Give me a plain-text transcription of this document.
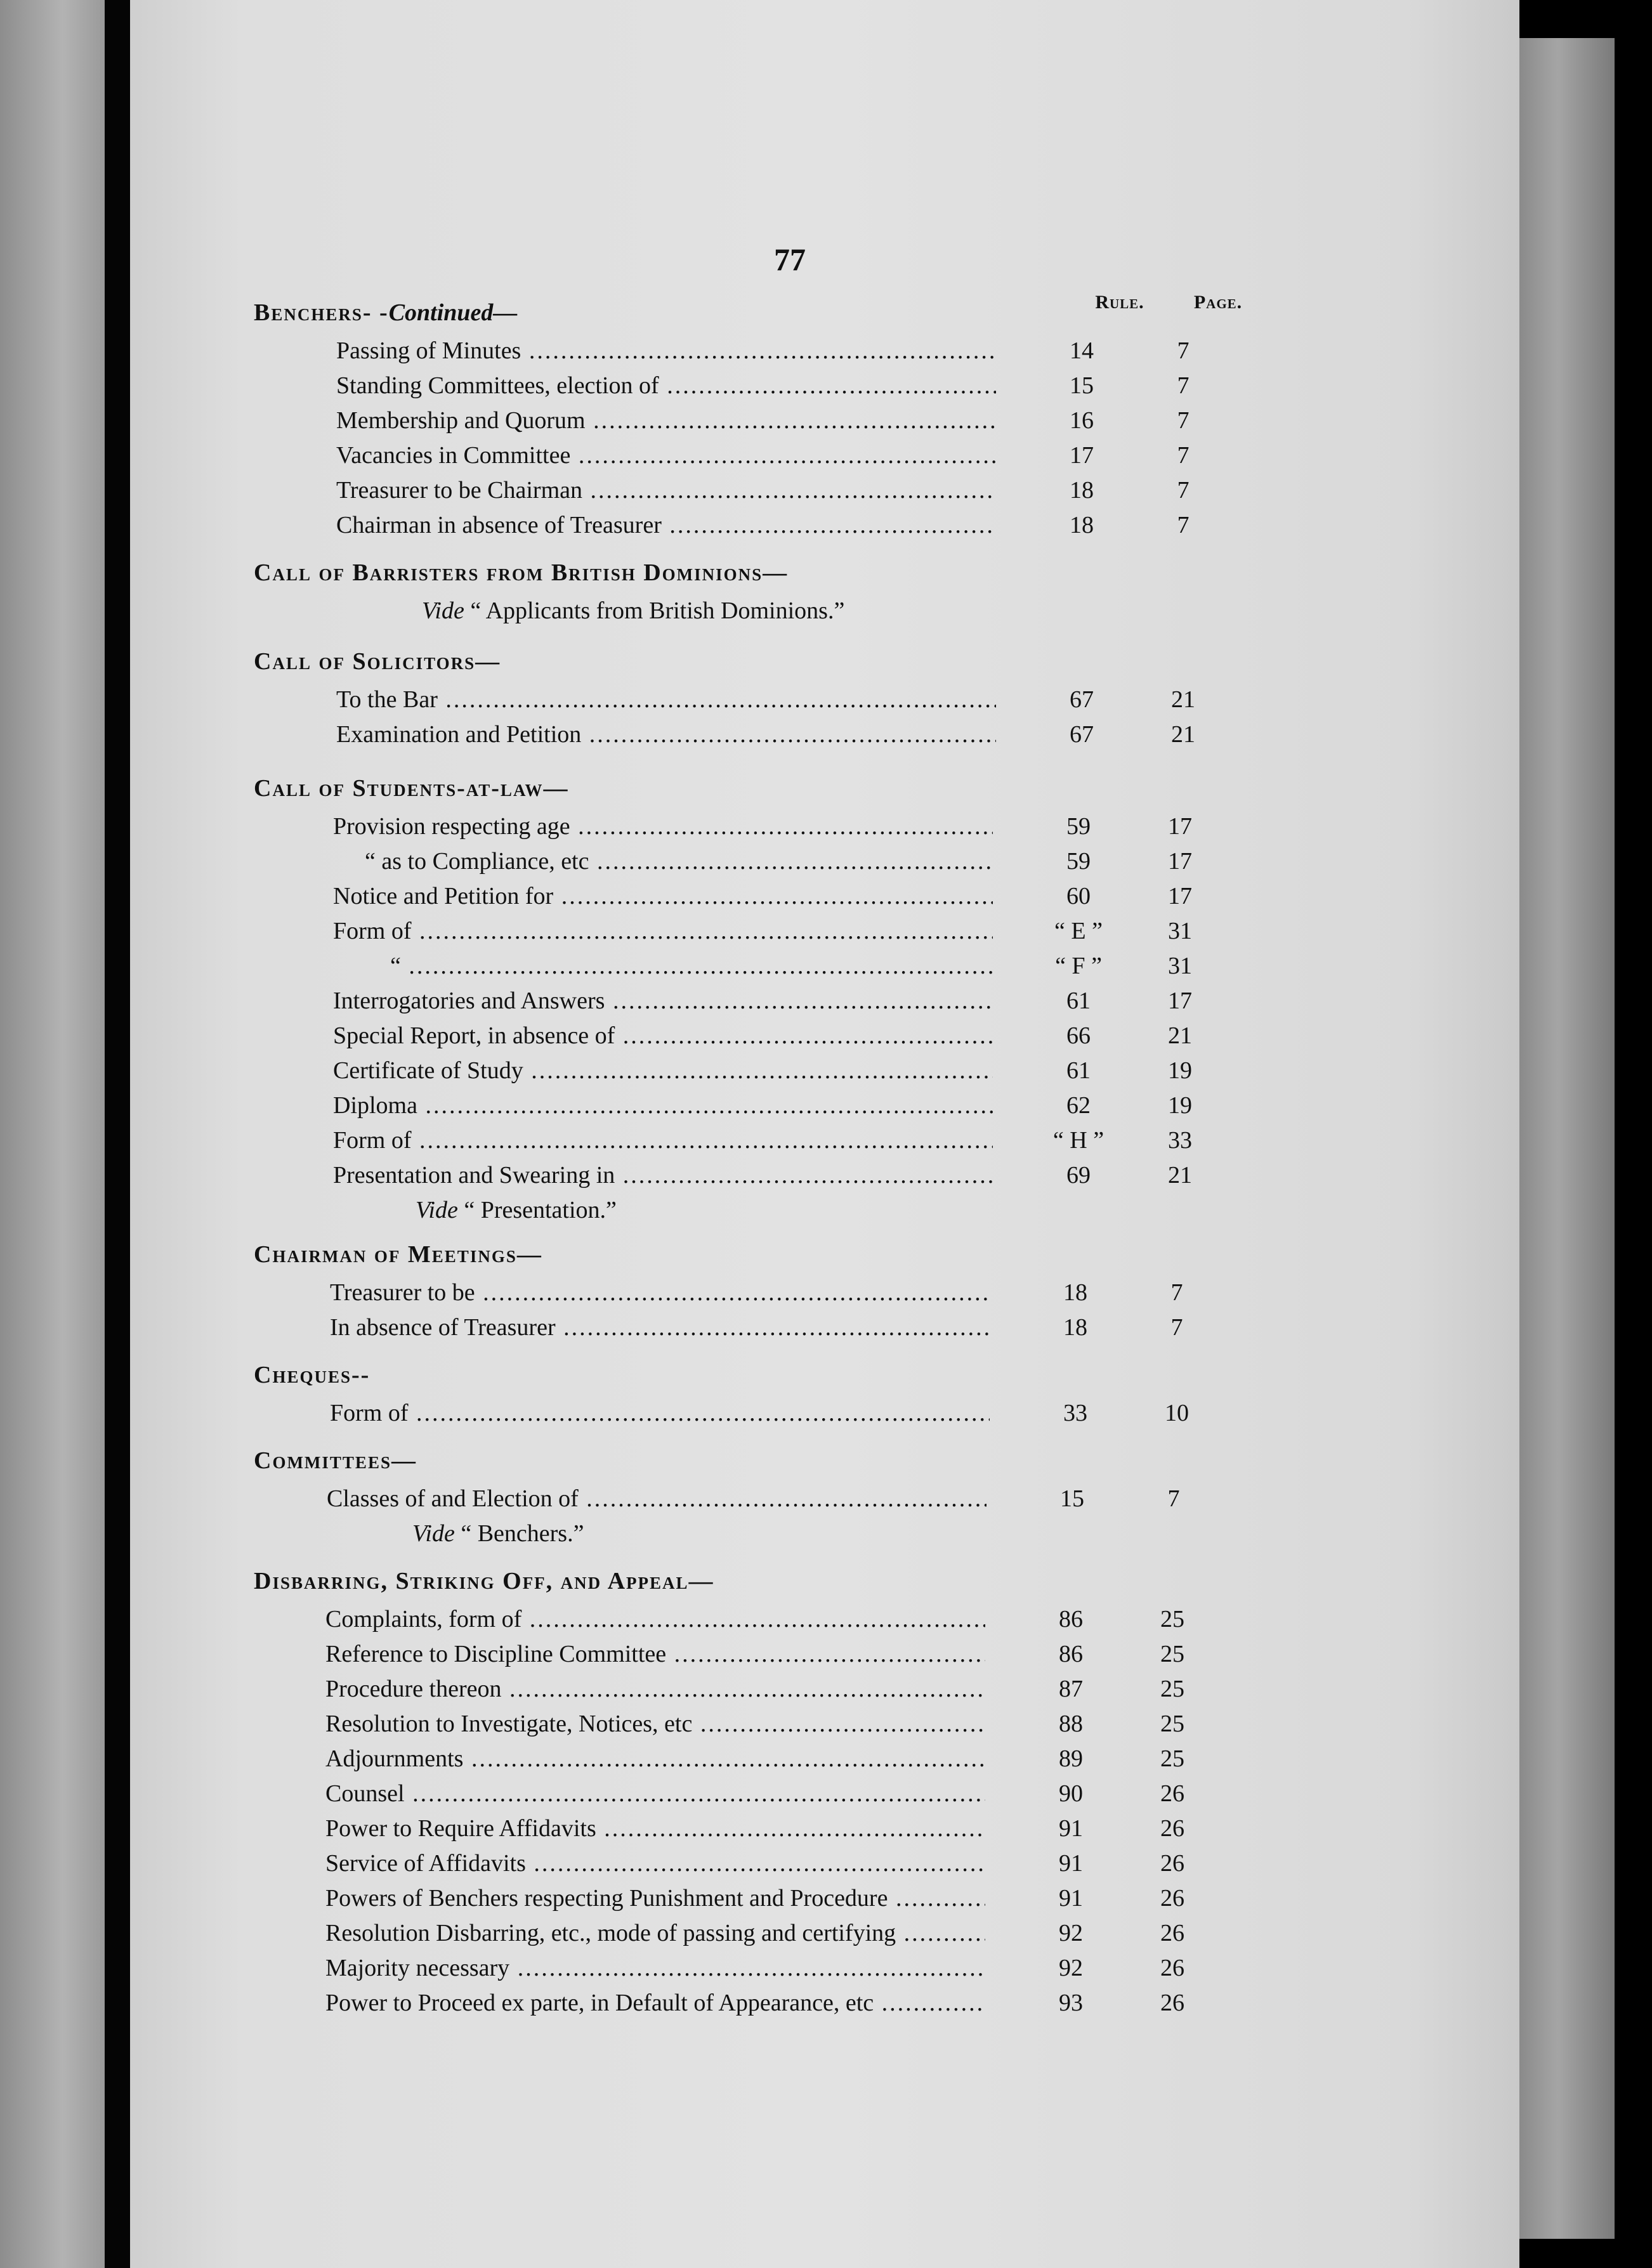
77
Rule.	Page.
Benchers- -Continued—
Passing of Minutes .....	14	7
Standing Committees, election of .....	15	7
Membership and Quorum .....	16	7
Vacancies in Committee .....	17	7
Treasurer to be Chairman .....	18	7
Chairman in absence of Treasurer .....	18	7
Call of Barristers from British Dominions—
Vide “ Applicants from British Dominions.”
Call of Solicitors—
To the Bar .....	67	21
Examination and Petition .....	67	21
Call of Students-at-law—
Provision respecting age .....	59	17
“ as to Compliance, etc .....	59	17
Notice and Petition for .....	60	17
Form of .....	“ E ”	31
“ .....	“ F ”	31
Interrogatories and Answers .....	61	17
Special Report, in absence of .....	66	21
Certificate of Study .....	61	19
Diploma .....	62	19
Form of .....	“ H ”	33
Presentation and Swearing in .....	69	21
Vide “ Presentation.”
Chairman of Meetings—
Treasurer to be .....	18	7
In absence of Treasurer .....	18	7
Cheques--
Form of .....	33	10
Committees—
Classes of and Election of .....	15	7
Vide “ Benchers.”
Disbarring, Striking Off, and Appeal—
Complaints, form of .....	86	25
Reference to Discipline Committee .....	86	25
Procedure thereon .....	87	25
Resolution to Investigate, Notices, etc .....	88	25
Adjournments .....	89	25
Counsel .....	90	26
Power to Require Affidavits .....	91	26
Service of Affidavits .....	91	26
Powers of Benchers respecting Punishment and Procedure .....	91	26
Resolution Disbarring, etc., mode of passing and certifying .....	92	26
Majority necessary .....	92	26
Power to Proceed ex parte, in Default of Appearance, etc .....	93	26
